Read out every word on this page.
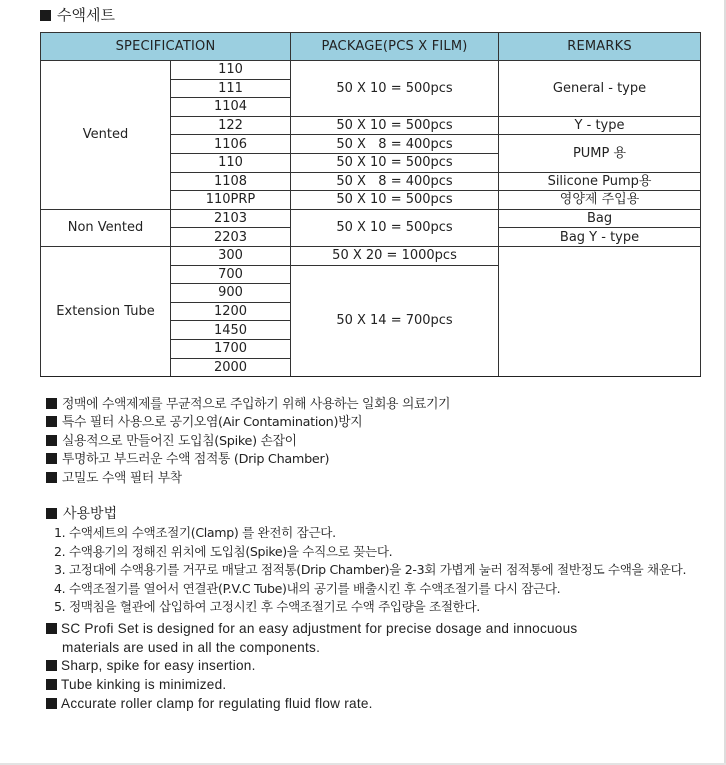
수액세트
SPECIFICATION		PACKAGE(PCS X FILM)	REMARKS
Vented	110	50 X 10 = 500pcs	General - type
	111		
	1104		
	122	50 X 10 = 500pcs	Y - type
	1106	50 X   8 = 400pcs	PUMP 용
	110	50 X 10 = 500pcs	
	1108	50 X   8 = 400pcs	Silicone Pump용
	110PRP	50 X 10 = 500pcs	영양제 주입용
Non Vented	2103	50 X 10 = 500pcs	Bag
	2203		Bag Y - type
Extension Tube	300	50 X 20 = 1000pcs	
	700	50 X 14 = 700pcs	
	900		
	1200		
	1450		
	1700		
	2000		
정맥에 수액제제를 무균적으로 주입하기 위해 사용하는 일회용 의료기기
특수 필터 사용으로 공기오염(Air Contamination)방지
실용적으로 만들어진 도입침(Spike) 손잡이
투명하고 부드러운 수액 점적통 (Drip Chamber)
고밀도 수액 필터 부착
사용방법
1. 수액세트의 수액조절기(Clamp) 를 완전히 잠근다.
2. 수액용기의 정해진 위치에 도입침(Spike)을 수직으로 꽂는다.
3. 고정대에 수액용기를 거꾸로 매달고 점적통(Drip Chamber)을 2-3회 가볍게 눌러 점적통에 절반정도 수액을 채운다.
4. 수액조절기를 열어서 연결관(P.V.C Tube)내의 공기를 배출시킨 후 수액조절기를 다시 잠근다.
5. 정맥침을 혈관에 삽입하여 고정시킨 후 수액조절기로 수액 주입량을 조절한다.
SC Profi Set is designed for an easy adjustment for precise dosage and innocuous
materials are used in all the components.
Sharp, spike for easy insertion.
Tube kinking is minimized.
Accurate roller clamp for regulating fluid flow rate.
